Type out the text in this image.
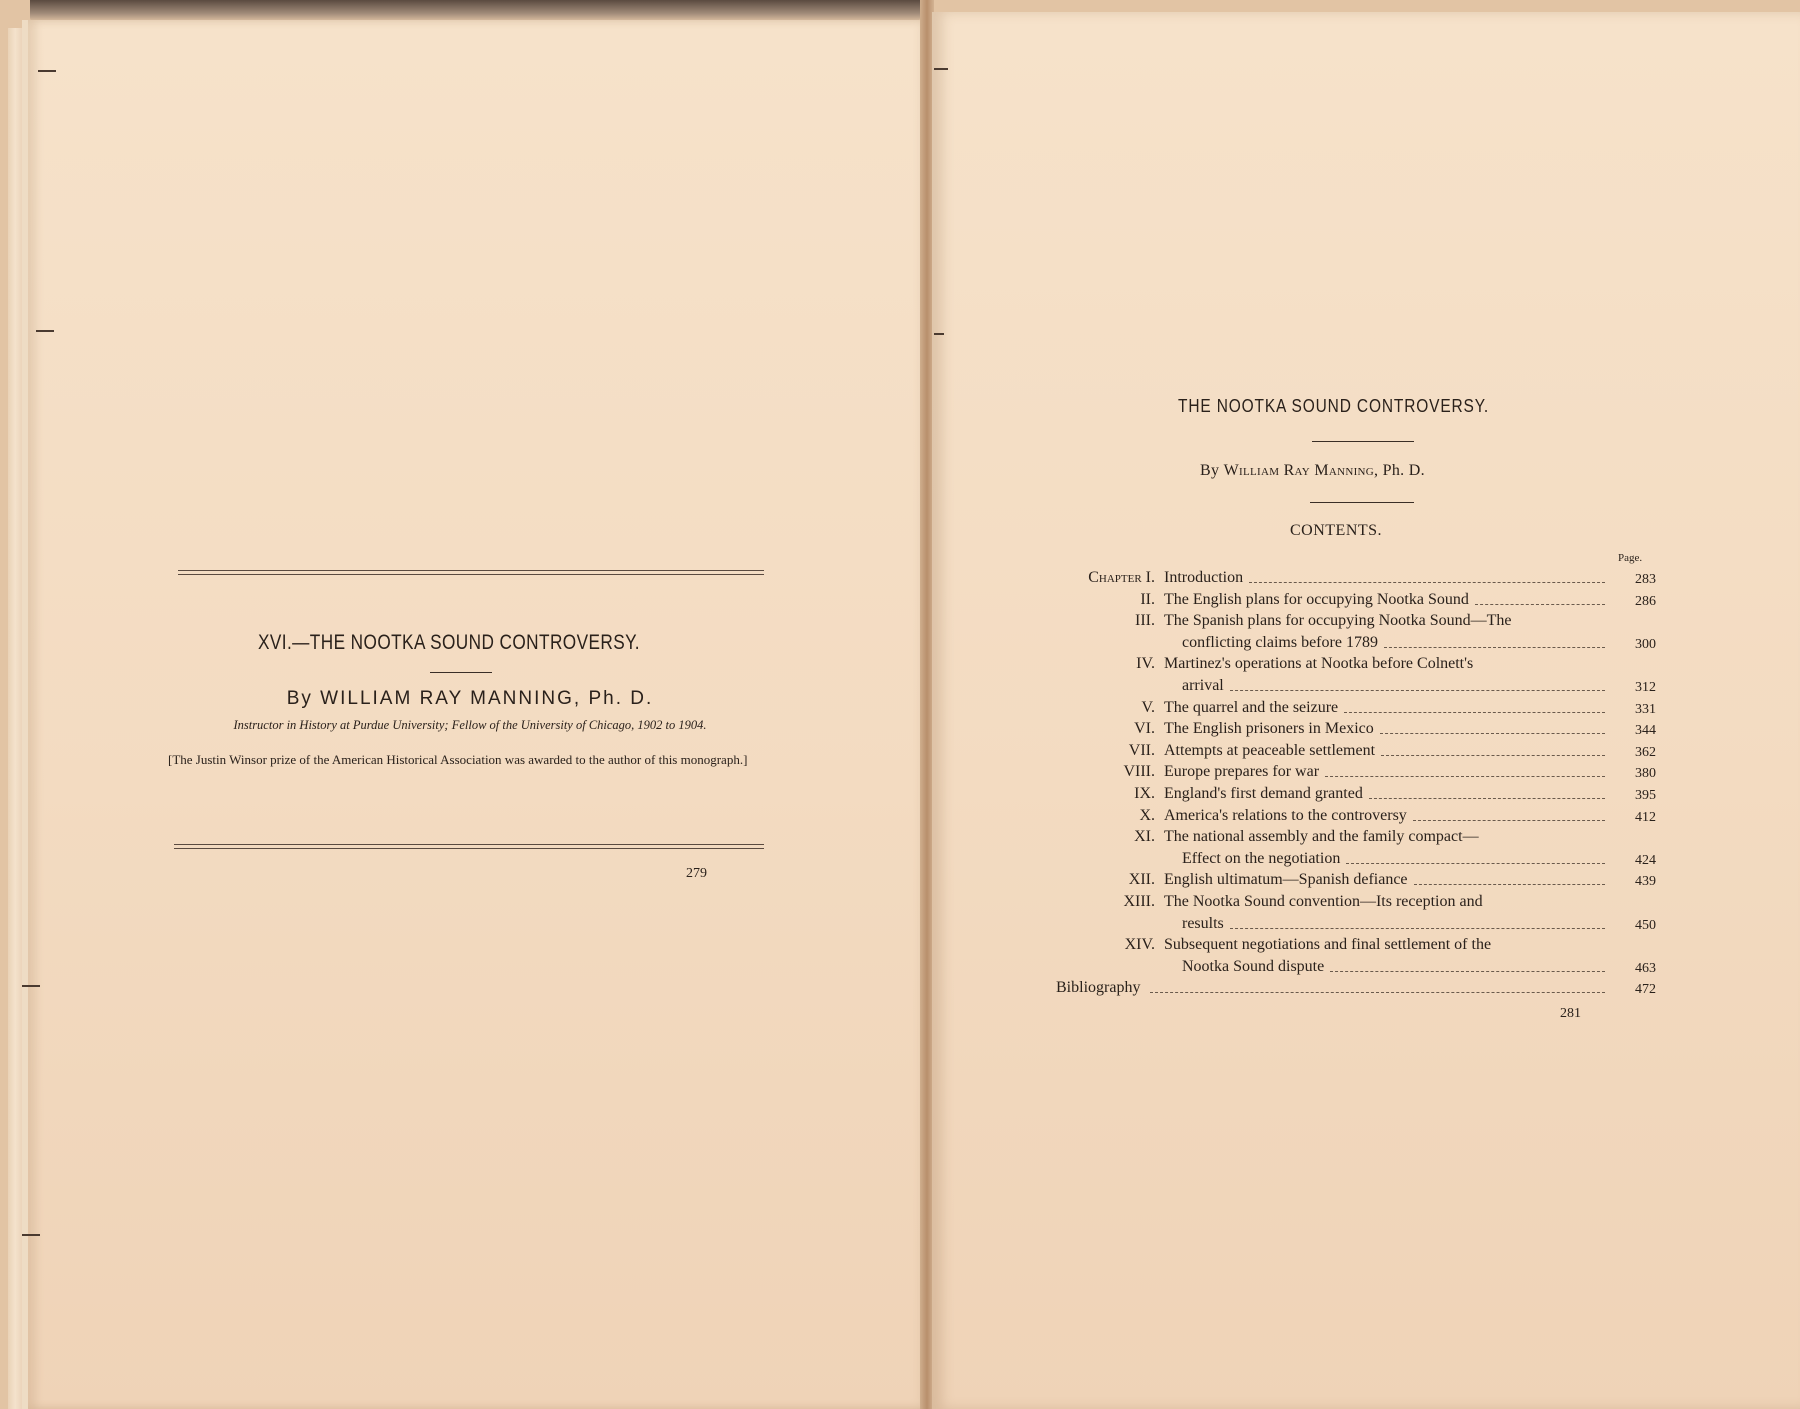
XVI.—THE NOOTKA SOUND CONTROVERSY.
By WILLIAM RAY MANNING, Ph. D.
Instructor in History at Purdue University; Fellow of the University of Chicago, 1902 to 1904.
[The Justin Winsor prize of the American Historical Association was awarded to the author of this monograph.]
279
THE NOOTKA SOUND CONTROVERSY.
By William Ray Manning, Ph. D.
CONTENTS.
Page.
Chapter I. Introduction	283
II. The English plans for occupying Nootka Sound	286
III. The Spanish plans for occupying Nootka Sound—The
conflicting claims before 1789	300
IV. Martinez's operations at Nootka before Colnett's
arrival	312
V. The quarrel and the seizure	331
VI. The English prisoners in Mexico	344
VII. Attempts at peaceable settlement	362
VIII. Europe prepares for war	380
IX. England's first demand granted	395
X. America's relations to the controversy	412
XI. The national assembly and the family compact—
Effect on the negotiation	424
XII. English ultimatum—Spanish defiance	439
XIII. The Nootka Sound convention—Its reception and
results	450
XIV. Subsequent negotiations and final settlement of the
Nootka Sound dispute	463
Bibliography	472
281
